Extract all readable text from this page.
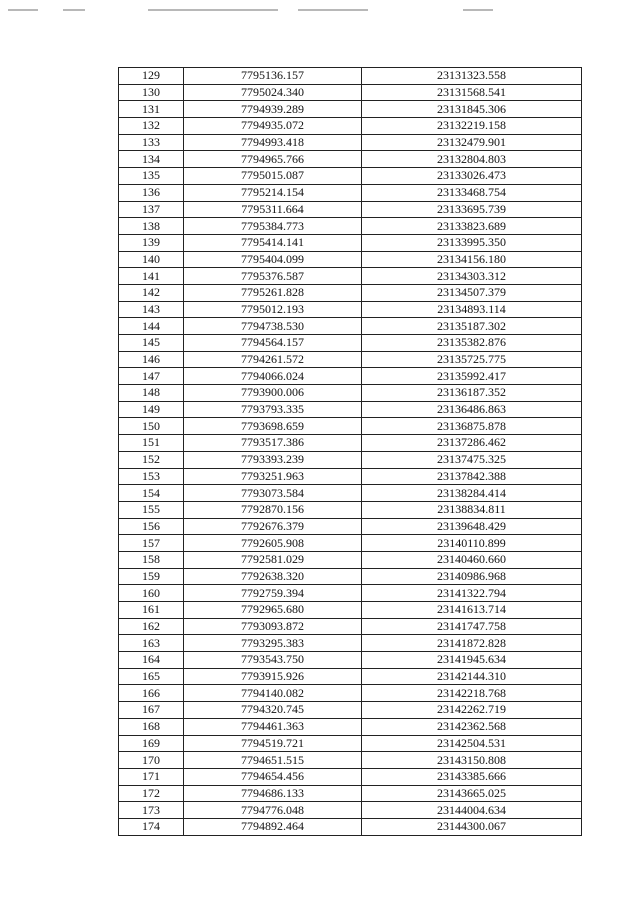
129	7795136.157	23131323.558
130	7795024.340	23131568.541
131	7794939.289	23131845.306
132	7794935.072	23132219.158
133	7794993.418	23132479.901
134	7794965.766	23132804.803
135	7795015.087	23133026.473
136	7795214.154	23133468.754
137	7795311.664	23133695.739
138	7795384.773	23133823.689
139	7795414.141	23133995.350
140	7795404.099	23134156.180
141	7795376.587	23134303.312
142	7795261.828	23134507.379
143	7795012.193	23134893.114
144	7794738.530	23135187.302
145	7794564.157	23135382.876
146	7794261.572	23135725.775
147	7794066.024	23135992.417
148	7793900.006	23136187.352
149	7793793.335	23136486.863
150	7793698.659	23136875.878
151	7793517.386	23137286.462
152	7793393.239	23137475.325
153	7793251.963	23137842.388
154	7793073.584	23138284.414
155	7792870.156	23138834.811
156	7792676.379	23139648.429
157	7792605.908	23140110.899
158	7792581.029	23140460.660
159	7792638.320	23140986.968
160	7792759.394	23141322.794
161	7792965.680	23141613.714
162	7793093.872	23141747.758
163	7793295.383	23141872.828
164	7793543.750	23141945.634
165	7793915.926	23142144.310
166	7794140.082	23142218.768
167	7794320.745	23142262.719
168	7794461.363	23142362.568
169	7794519.721	23142504.531
170	7794651.515	23143150.808
171	7794654.456	23143385.666
172	7794686.133	23143665.025
173	7794776.048	23144004.634
174	7794892.464	23144300.067
